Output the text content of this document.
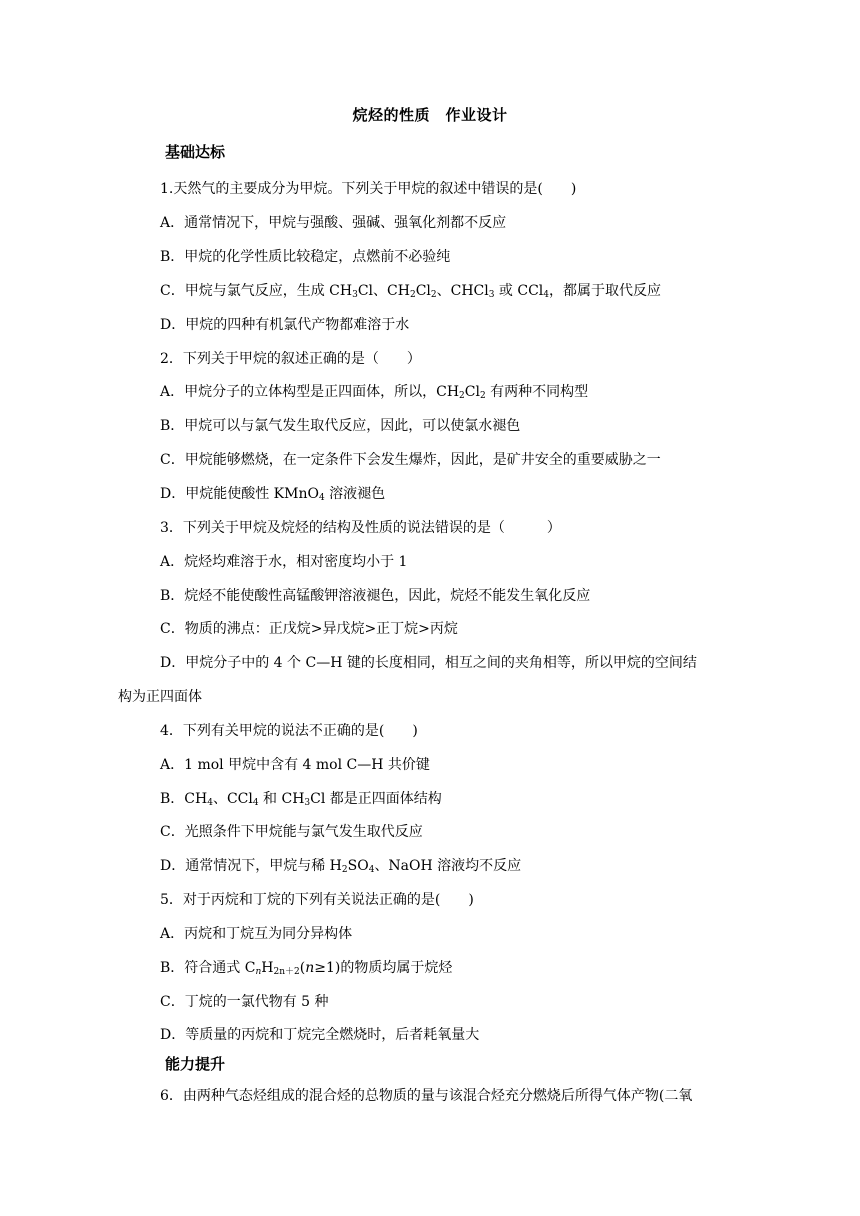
烷烃的性质　作业设计
基础达标
1.天然气的主要成分为甲烷。下列关于甲烷的叙述中错误的是(　　)
A．通常情况下，甲烷与强酸、强碱、强氧化剂都不反应
B．甲烷的化学性质比较稳定，点燃前不必验纯
C．甲烷与氯气反应，生成 $CH_3Cl$、$CH_2Cl_2$、CHCl$_3$ 或 CCl$_4$，都属于取代反应
D．甲烷的四种有机氯代产物都难溶于水
2．下列关于甲烷的叙述正确的是（　　）
A．甲烷分子的立体构型是正四面体，所以，$CH_2Cl_2$ 有两种不同构型
B．甲烷可以与氯气发生取代反应，因此，可以使氯水褪色
C．甲烷能够燃烧，在一定条件下会发生爆炸，因此，是矿井安全的重要威胁之一
D．甲烷能使酸性 KMnO$_4$ 溶液褪色
3．下列关于甲烷及烷烃的结构及性质的说法错误的是（　　　）
A．烷烃均难溶于水，相对密度均小于 1
B．烷烃不能使酸性高锰酸钾溶液褪色，因此，烷烃不能发生氧化反应
C．物质的沸点：正戊烷>异戊烷>正丁烷>丙烷
D．甲烷分子中的 4 个 C—H 键的长度相同，相互之间的夹角相等，所以甲烷的空间结
构为正四面体
4．下列有关甲烷的说法不正确的是(　　)
A．1 mol 甲烷中含有 4 mol C—H 共价键
B．$CH_4$、CCl$_4$ 和 $CH_3Cl$ 都是正四面体结构
C．光照条件下甲烷能与氯气发生取代反应
D．通常情况下，甲烷与稀 $H_2SO_4$、NaOH 溶液均不反应
5．对于丙烷和丁烷的下列有关说法正确的是(　　)
A．丙烷和丁烷互为同分异构体
B．符合通式 $C_nH_{2n+2}(n\ge 1)$的物质均属于烷烃
C．丁烷的一氯代物有 5 种
D．等质量的丙烷和丁烷完全燃烧时，后者耗氧量大
能力提升
6．由两种气态烃组成的混合烃的总物质的量与该混合烃充分燃烧后所得气体产物(二氧
